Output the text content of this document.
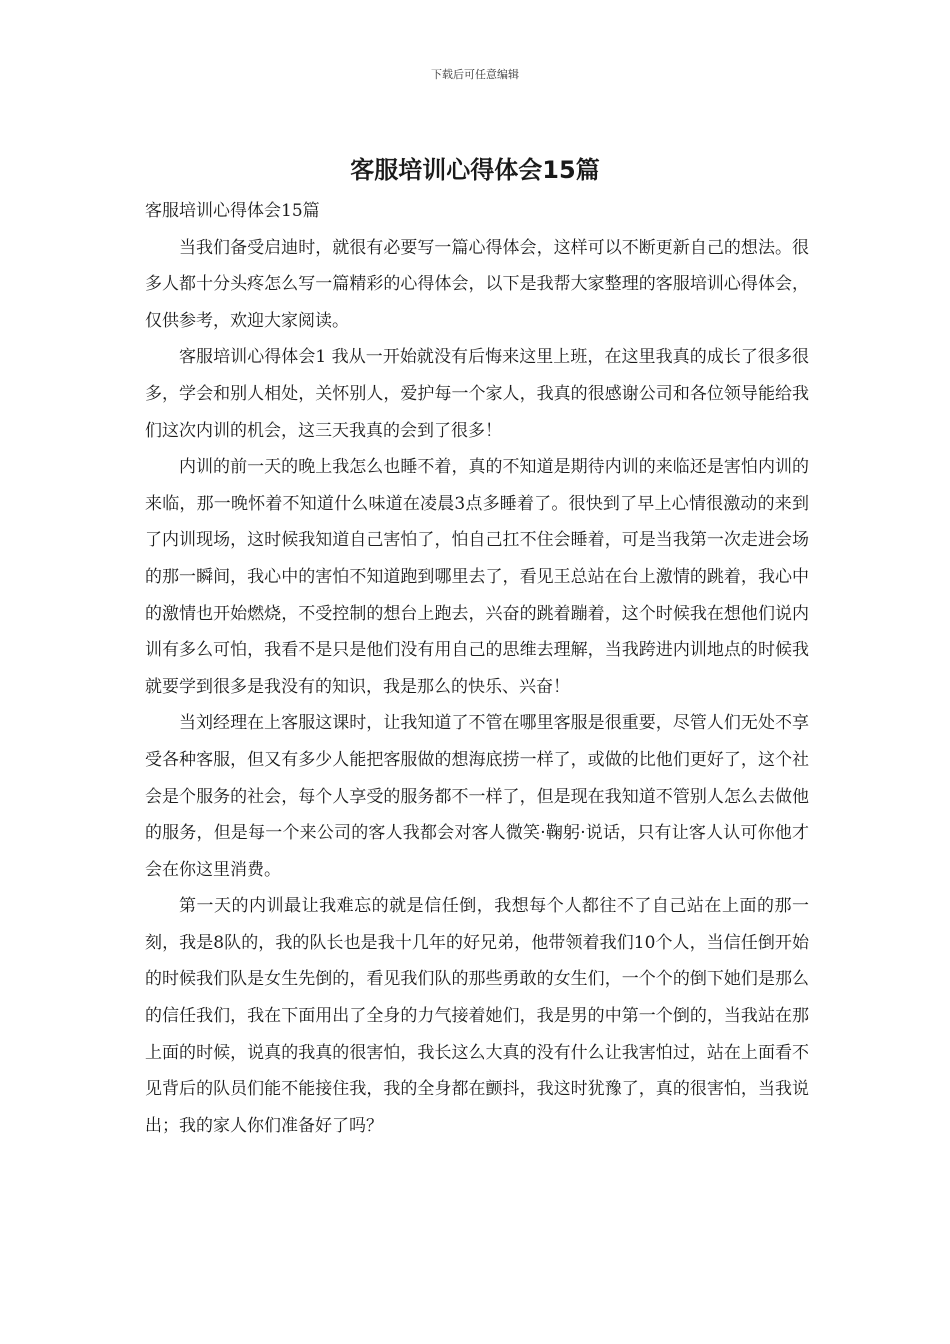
下载后可任意编辑
客服培训心得体会15篇

客服培训心得体会15篇

当我们备受启迪时，就很有必要写一篇心得体会，这样可以不断更新自己的想法。很多人都十分头疼怎么写一篇精彩的心得体会，以下是我帮大家整理的客服培训心得体会，仅供参考，欢迎大家阅读。

客服培训心得体会1 我从一开始就没有后悔来这里上班，在这里我真的成长了很多很多，学会和别人相处，关怀别人，爱护每一个家人，我真的很感谢公司和各位领导能给我们这次内训的机会，这三天我真的会到了很多！

内训的前一天的晚上我怎么也睡不着，真的不知道是期待内训的来临还是害怕内训的来临，那一晚怀着不知道什么味道在凌晨3点多睡着了。很快到了早上心情很激动的来到了内训现场，这时候我知道自己害怕了，怕自己扛不住会睡着，可是当我第一次走进会场的那一瞬间，我心中的害怕不知道跑到哪里去了，看见王总站在台上激情的跳着，我心中的激情也开始燃烧，不受控制的想台上跑去，兴奋的跳着蹦着，这个时候我在想他们说内训有多么可怕，我看不是只是他们没有用自己的思维去理解，当我跨进内训地点的时候我就要学到很多是我没有的知识，我是那么的快乐、兴奋！

当刘经理在上客服这课时，让我知道了不管在哪里客服是很重要，尽管人们无处不享受各种客服，但又有多少人能把客服做的想海底捞一样了，或做的比他们更好了，这个社会是个服务的社会，每个人享受的服务都不一样了，但是现在我知道不管别人怎么去做他的服务，但是每一个来公司的客人我都会对客人微笑·鞠躬·说话，只有让客人认可你他才会在你这里消费。

第一天的内训最让我难忘的就是信任倒，我想每个人都往不了自己站在上面的那一刻，我是8队的，我的队长也是我十几年的好兄弟，他带领着我们10个人，当信任倒开始的时候我们队是女生先倒的，看见我们队的那些勇敢的女生们，一个个的倒下她们是那么的信任我们，我在下面用出了全身的力气接着她们，我是男的中第一个倒的，当我站在那上面的时候，说真的我真的很害怕，我长这么大真的没有什么让我害怕过，站在上面看不见背后的队员们能不能接住我，我的全身都在颤抖，我这时犹豫了，真的很害怕，当我说出；我的家人你们准备好了吗？
